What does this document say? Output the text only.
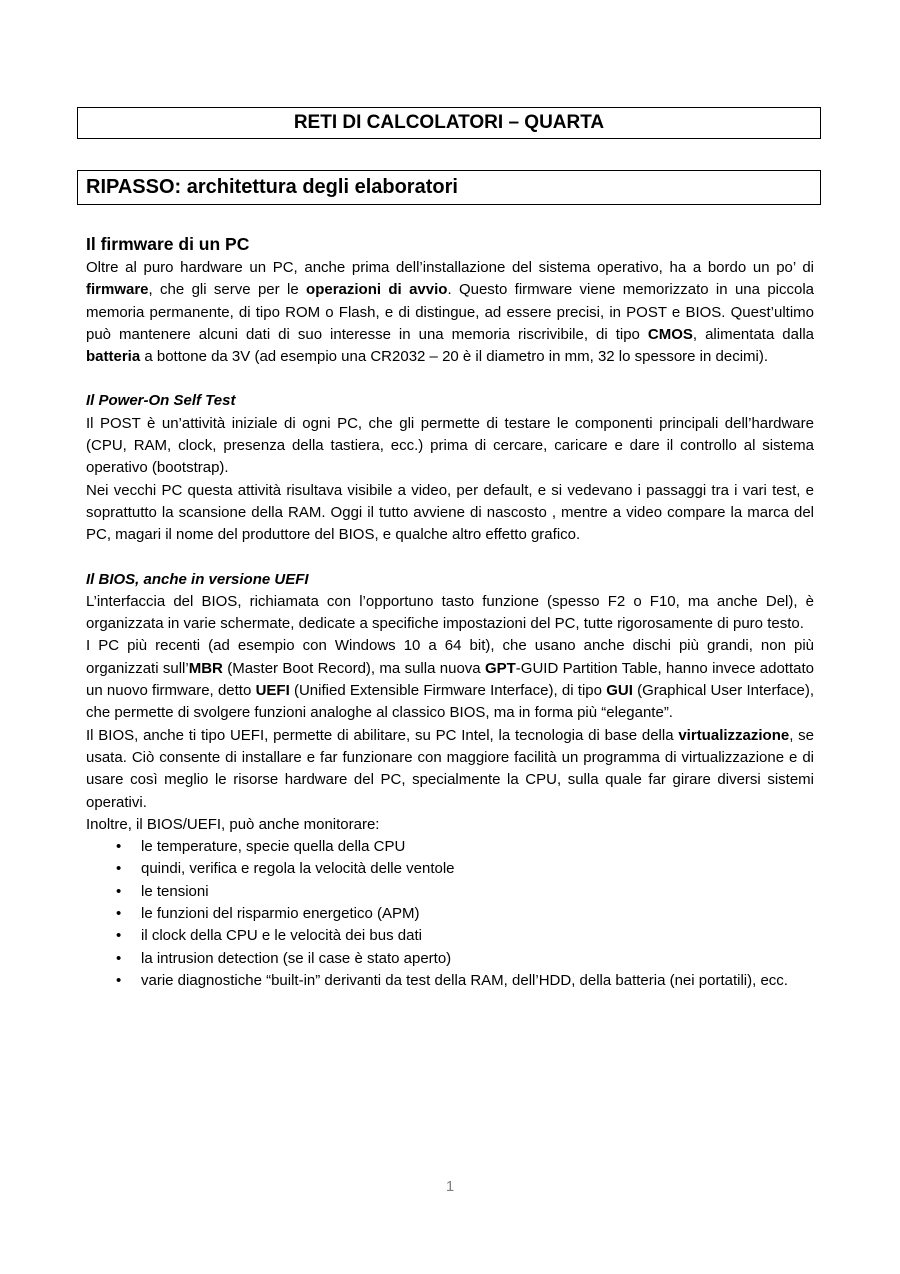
RETI DI CALCOLATORI – QUARTA
RIPASSO: architettura degli elaboratori
Il firmware di un PC

Oltre al puro hardware un PC, anche prima dell’installazione del sistema operativo, ha a bordo un po’ di firmware, che gli serve per le operazioni di avvio. Questo firmware viene memorizzato in una piccola memoria permanente, di tipo ROM o Flash, e di distingue, ad essere precisi, in POST e BIOS. Quest’ultimo può mantenere alcuni dati di suo interesse in una memoria riscrivibile, di tipo CMOS, alimentata dalla batteria a bottone da 3V (ad esempio una CR2032 – 20 è il diametro in mm, 32 lo spessore in decimi).

Il Power-On Self Test

Il POST è un’attività iniziale di ogni PC, che gli permette di testare le componenti principali dell’hardware (CPU, RAM, clock, presenza della tastiera, ecc.) prima di cercare, caricare e dare il controllo al sistema operativo (bootstrap).

Nei vecchi PC questa attività risultava visibile a video, per default, e si vedevano i passaggi tra i vari test, e soprattutto la scansione della RAM. Oggi il tutto avviene di nascosto , mentre a video compare la marca del PC, magari il nome del produttore del BIOS, e qualche altro effetto grafico.

Il BIOS, anche in versione UEFI

L’interfaccia del BIOS, richiamata con l’opportuno tasto funzione (spesso F2 o F10, ma anche Del), è organizzata in varie schermate, dedicate a specifiche impostazioni del PC, tutte rigorosamente di puro testo.

I PC più recenti (ad esempio con Windows 10 a 64 bit), che usano anche dischi più grandi, non più organizzati sull’MBR (Master Boot Record), ma sulla nuova GPT-GUID Partition Table, hanno invece adottato un nuovo firmware, detto UEFI (Unified Extensible Firmware Interface), di tipo GUI (Graphical User Interface), che permette di svolgere funzioni analoghe al classico BIOS, ma in forma più “elegante”.

Il BIOS, anche ti tipo UEFI, permette di abilitare, su PC Intel, la tecnologia di base della virtualizzazione, se usata. Ciò consente di installare e far funzionare con maggiore facilità un programma di virtualizzazione e di usare così meglio le risorse hardware del PC, specialmente la CPU, sulla quale far girare diversi sistemi operativi.

Inoltre, il BIOS/UEFI, può anche monitorare:

• le temperature, specie quella della CPU
• quindi, verifica e regola la velocità delle ventole
• le tensioni
• le funzioni del risparmio energetico (APM)
• il clock della CPU e le velocità dei bus dati
• la intrusion detection (se il case è stato aperto)
• varie diagnostiche “built-in” derivanti da test della RAM, dell’HDD, della batteria (nei portatili), ecc.
1
